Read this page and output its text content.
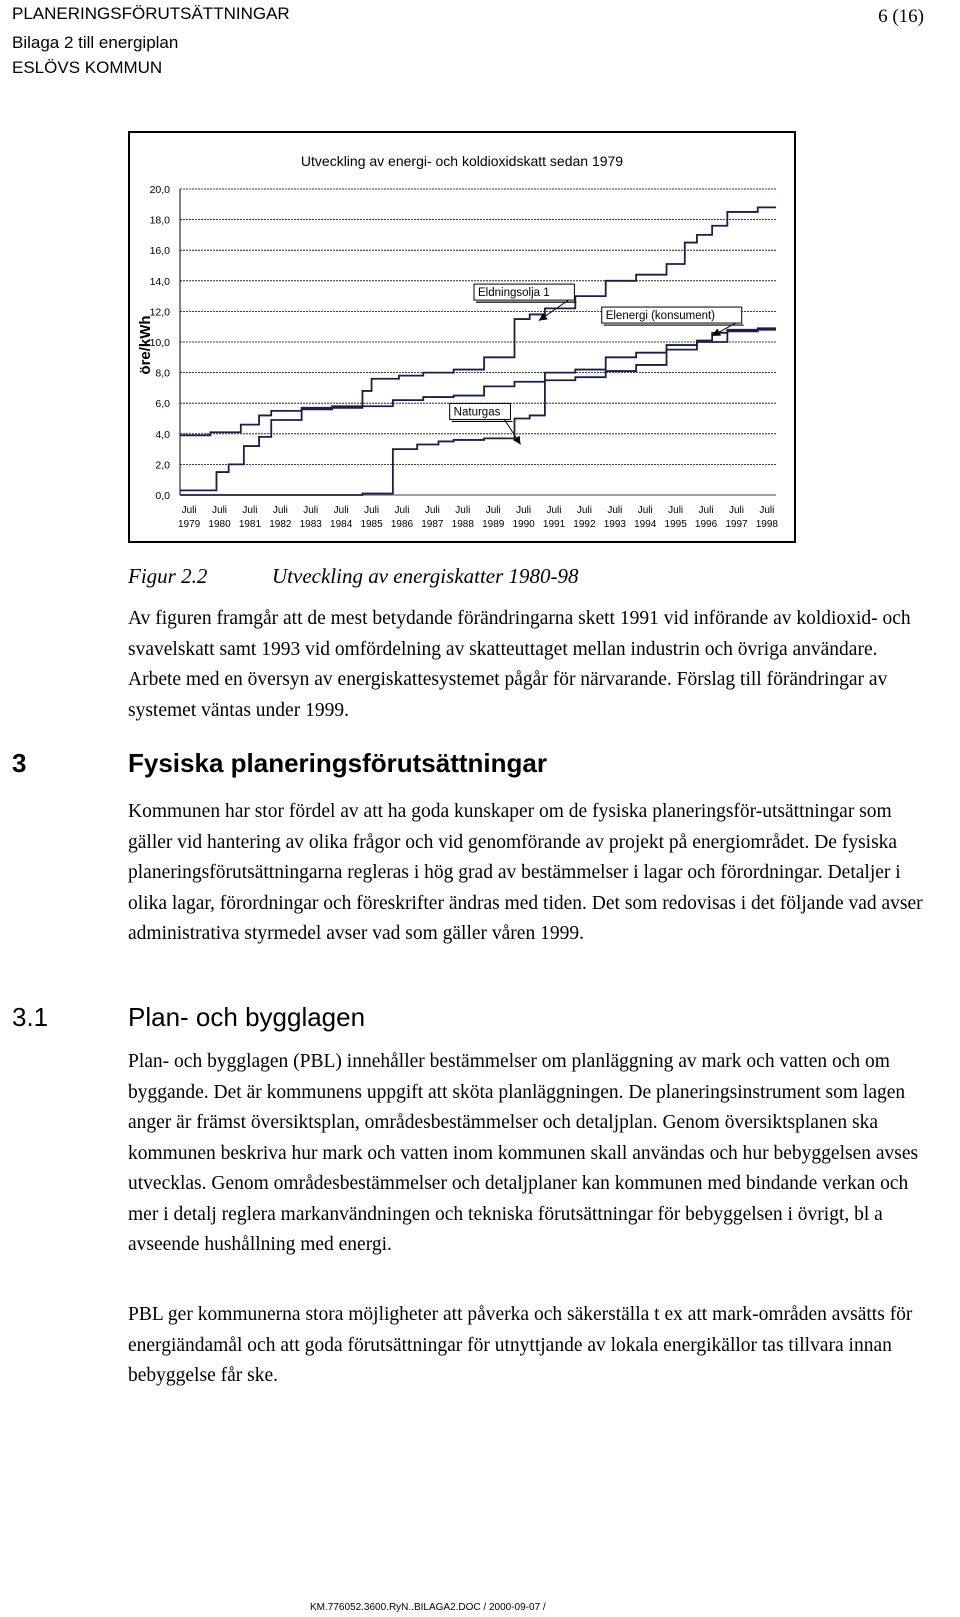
PLANERINGSFÖRUTSÄTTNINGAR
Bilaga 2 till energiplan
ESLÖVS KOMMUN
6 (16)
Utveckling av energi- och koldioxidskatt sedan 1979
öre/kWh
20,0
18,0
16,0
14,0
12,0
10,0
8,0
6,0
4,0
2,0
0,0
Juli
1979
Juli
1980
Juli
1981
Juli
1982
Juli
1983
Juli
1984
Juli
1985
Juli
1986
Juli
1987
Juli
1988
Juli
1989
Juli
1990
Juli
1991
Juli
1992
Juli
1993
Juli
1994
Juli
1995
Juli
1996
Juli
1997
Juli
1998
Eldningsolja 1
Elenergi (konsument)
Naturgas
Figur 2.2	Utveckling av energiskatter 1980-98

Av figuren framgår att de mest betydande förändringarna skett 1991 vid införande av koldioxid- och svavelskatt samt 1993 vid omfördelning av skatteuttaget mellan industrin och övriga användare. Arbete med en översyn av energiskattesystemet pågår för närvarande. Förslag till förändringar av systemet väntas under 1999.

3	Fysiska planeringsförutsättningar

Kommunen har stor fördel av att ha goda kunskaper om de fysiska planeringsför-utsättningar som gäller vid hantering av olika frågor och vid genomförande av projekt på energiområdet. De fysiska planeringsförutsättningarna regleras i hög grad av bestämmelser i lagar och förordningar. Detaljer i olika lagar, förordningar och föreskrifter ändras med tiden. Det som redovisas i det följande vad avser administrativa styrmedel avser vad som gäller våren 1999.

3.1	Plan- och bygglagen

Plan- och bygglagen (PBL) innehåller bestämmelser om planläggning av mark och vatten och om byggande. Det är kommunens uppgift att sköta planläggningen. De planeringsinstrument som lagen anger är främst översiktsplan, områdesbestämmelser och detaljplan. Genom översiktsplanen ska kommunen beskriva hur mark och vatten inom kommunen skall användas och hur bebyggelsen avses utvecklas. Genom områdesbestämmelser och detaljplaner kan kommunen med bindande verkan och mer i detalj reglera markanvändningen och tekniska förutsättningar för bebyggelsen i övrigt, bl a avseende hushållning med energi.

PBL ger kommunerna stora möjligheter att påverka och säkerställa t ex att mark-områden avsätts för energiändamål och att goda förutsättningar för utnyttjande av lokala energikällor tas tillvara innan bebyggelse får ske.

KM.776052.3600.RyN..BILAGA2.DOC / 2000-09-07 /
